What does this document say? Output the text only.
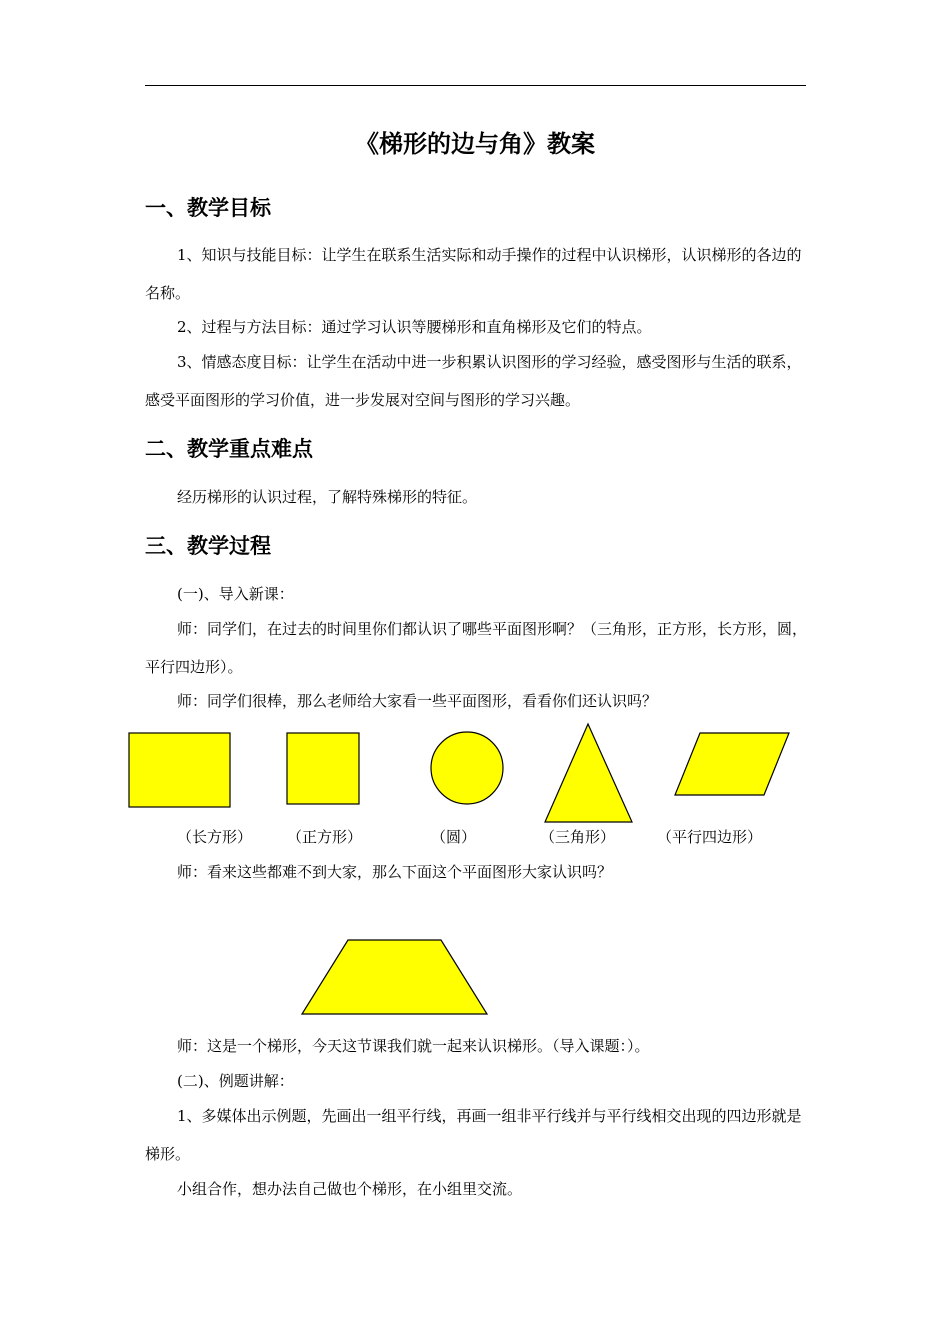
《梯形的边与角》教案
一、教学目标
1、知识与技能目标：让学生在联系生活实际和动手操作的过程中认识梯形，认识梯形的各边的名称。
2、过程与方法目标：通过学习认识等腰梯形和直角梯形及它们的特点。
3、情感态度目标：让学生在活动中进一步积累认识图形的学习经验，感受图形与生活的联系，感受平面图形的学习价值，进一步发展对空间与图形的学习兴趣。
二、教学重点难点
经历梯形的认识过程，了解特殊梯形的特征。
三、教学过程
(一)、导入新课：
师：同学们，在过去的时间里你们都认识了哪些平面图形啊？（三角形，正方形，长方形，圆，平行四边形）。
师：同学们很棒，那么老师给大家看一些平面图形，看看你们还认识吗？
（长方形） （正方形）	（圆）	（三角形）	（平行四边形）
师：看来这些都难不到大家，那么下面这个平面图形大家认识吗？
师：这是一个梯形，今天这节课我们就一起来认识梯形。（导入课题：）。
(二)、例题讲解：
1、多媒体出示例题，先画出一组平行线，再画一组非平行线并与平行线相交出现的四边形就是梯形。
小组合作，想办法自己做也个梯形，在小组里交流。
